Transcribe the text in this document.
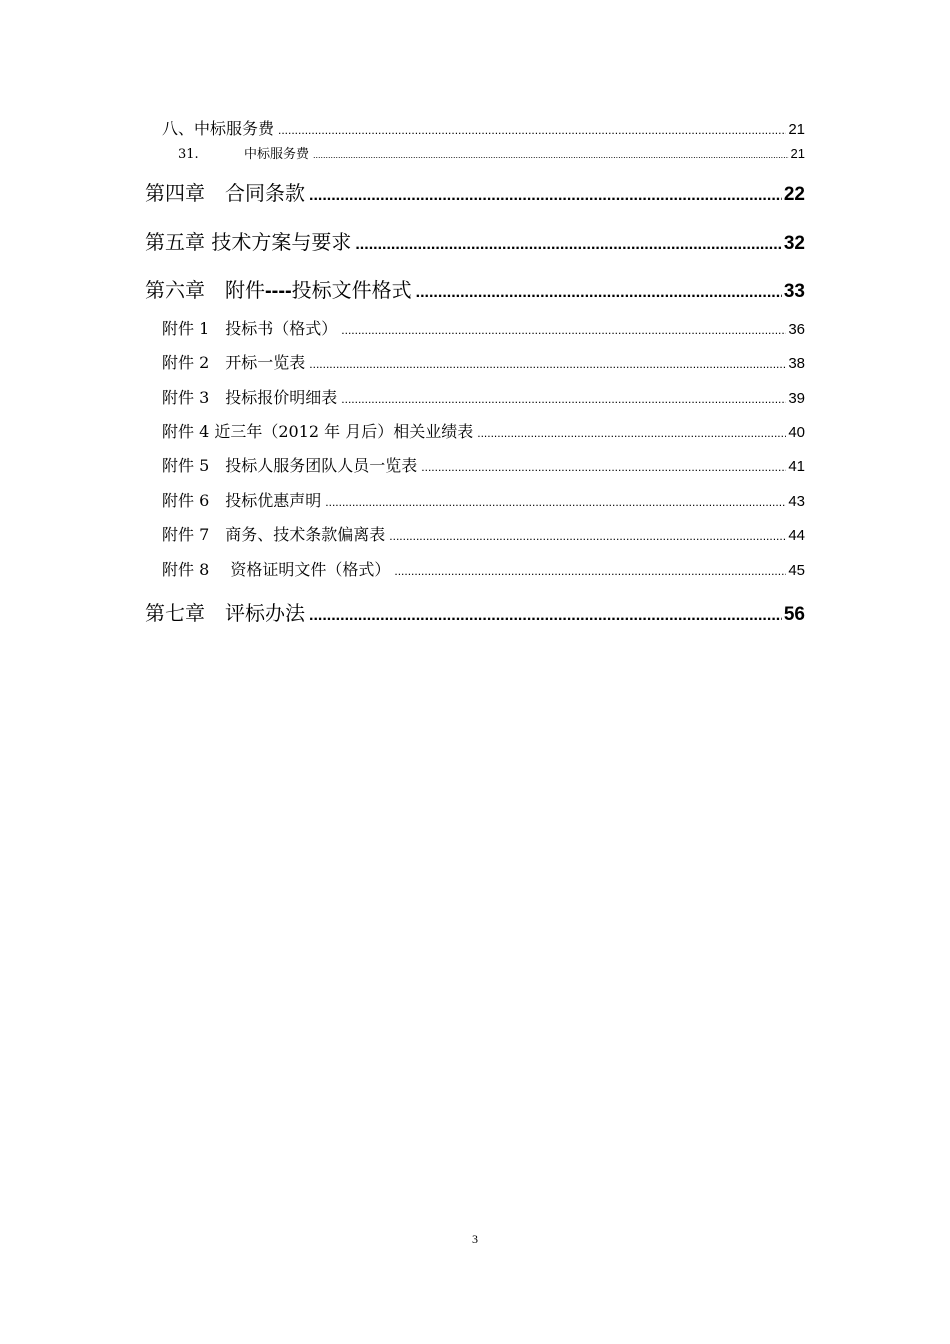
八、中标服务费 .....	21
31.	中标服务费 .....	21
第四章　合同条款 .....	22
第五章 技术方案与要求 .....	32
第六章　附件----投标文件格式 .....	33
附件 1　投标书（格式） .....	36
附件 2　开标一览表 .....	38
附件 3　投标报价明细表 .....	39
附件 4 近三年（2012 年 月后）相关业绩表 .....	40
附件 5　投标人服务团队人员一览表 .....	41
附件 6　投标优惠声明 .....	43
附件 7　商务、技术条款偏离表 .....	44
附件 8　 资格证明文件（格式） .....	45
第七章　评标办法 .....	56
3
